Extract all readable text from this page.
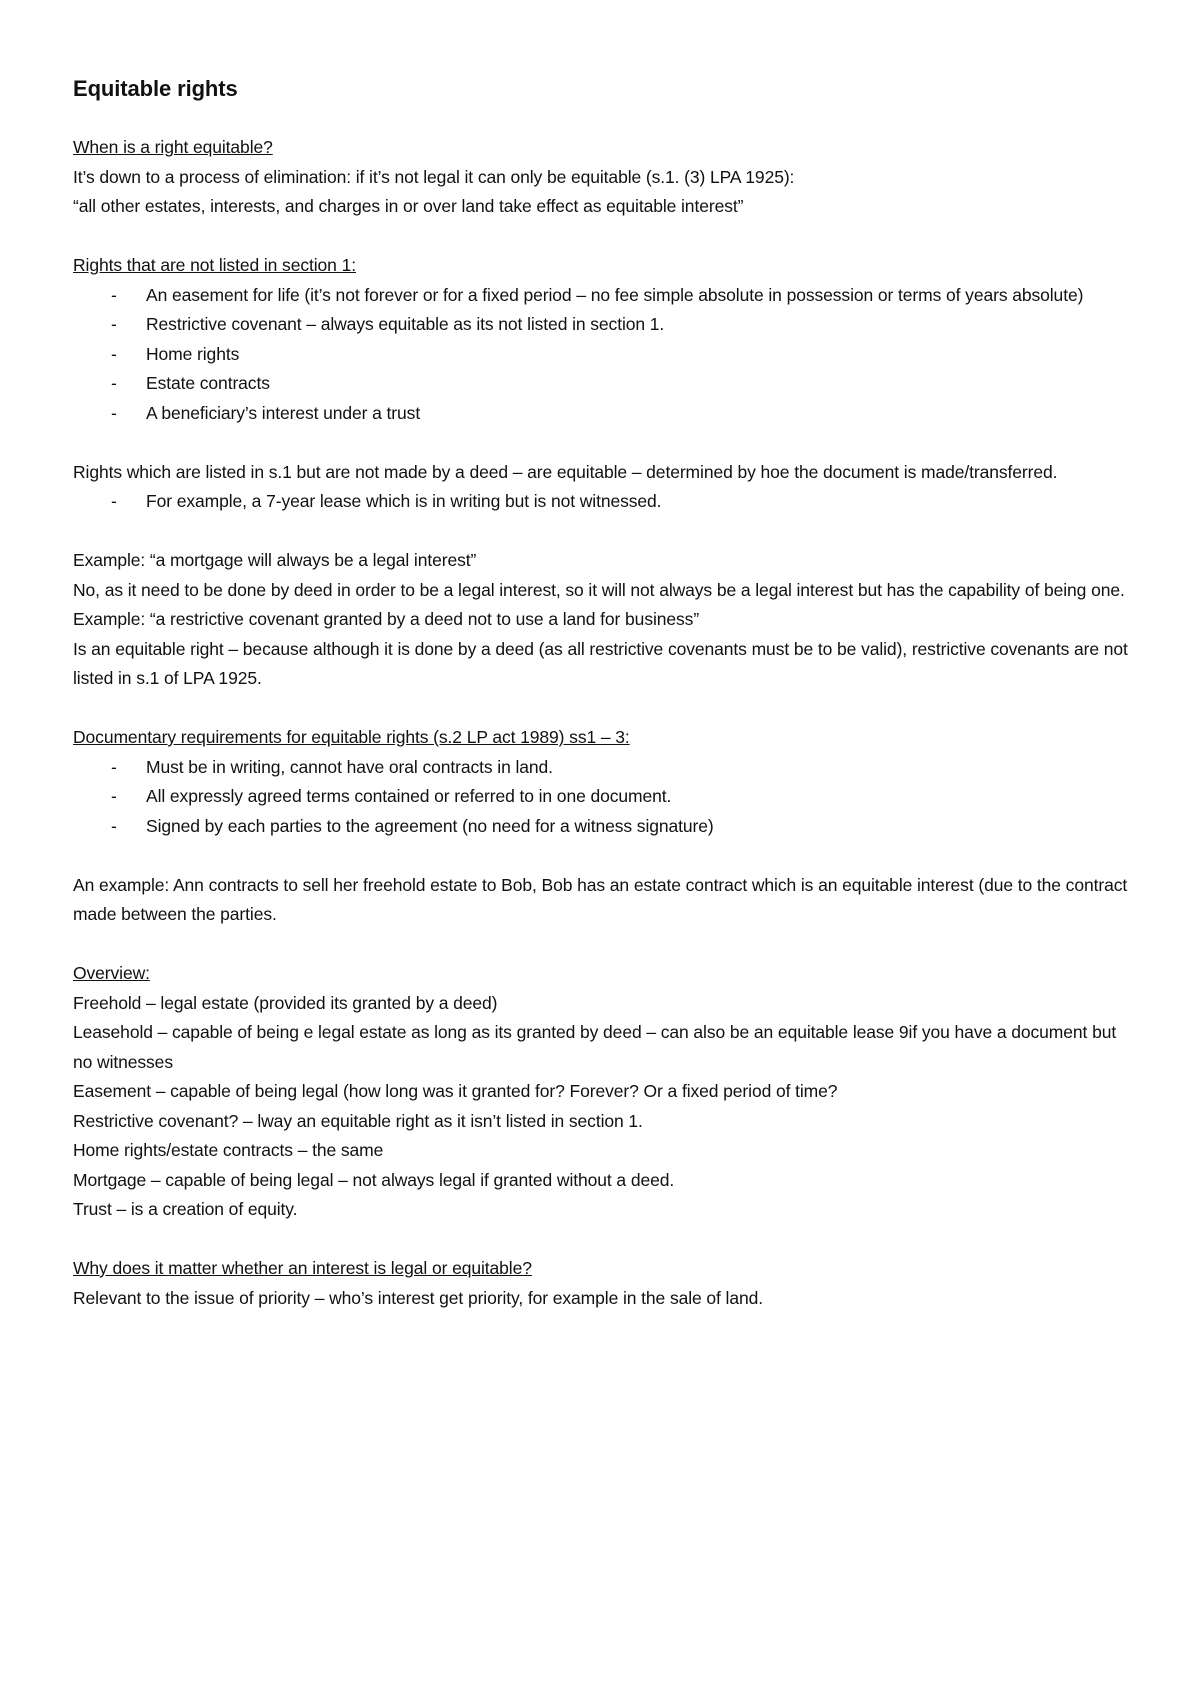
Equitable rights
When is a right equitable?
It’s down to a process of elimination: if it’s not legal it can only be equitable (s.1. (3) LPA 1925):
“all other estates, interests, and charges in or over land take effect as equitable interest”
Rights that are not listed in section 1:
- An easement for life (it’s not forever or for a fixed period – no fee simple absolute in possession or terms of years absolute)
- Restrictive covenant – always equitable as its not listed in section 1.
- Home rights
- Estate contracts
- A beneficiary’s interest under a trust
Rights which are listed in s.1 but are not made by a deed – are equitable – determined by hoe the document is made/transferred.
- For example, a 7-year lease which is in writing but is not witnessed.
Example: “a mortgage will always be a legal interest”
No, as it need to be done by deed in order to be a legal interest, so it will not always be a legal interest but has the capability of being one.
Example: “a restrictive covenant granted by a deed not to use a land for business”
Is an equitable right – because although it is done by a deed (as all restrictive covenants must be to be valid), restrictive covenants are not listed in s.1 of LPA 1925.
Documentary requirements for equitable rights (s.2 LP act 1989) ss1 – 3:
- Must be in writing, cannot have oral contracts in land.
- All expressly agreed terms contained or referred to in one document.
- Signed by each parties to the agreement (no need for a witness signature)
An example: Ann contracts to sell her freehold estate to Bob, Bob has an estate contract which is an equitable interest (due to the contract made between the parties.
Overview:
Freehold – legal estate (provided its granted by a deed)
Leasehold – capable of being e legal estate as long as its granted by deed – can also be an equitable lease 9if you have a document but no witnesses
Easement – capable of being legal (how long was it granted for? Forever? Or a fixed period of time?
Restrictive covenant? – lway an equitable right as it isn’t listed in section 1.
Home rights/estate contracts – the same
Mortgage – capable of being legal – not always legal if granted without a deed.
Trust – is a creation of equity.
Why does it matter whether an interest is legal or equitable?
Relevant to the issue of priority – who’s interest get priority, for example in the sale of land.
